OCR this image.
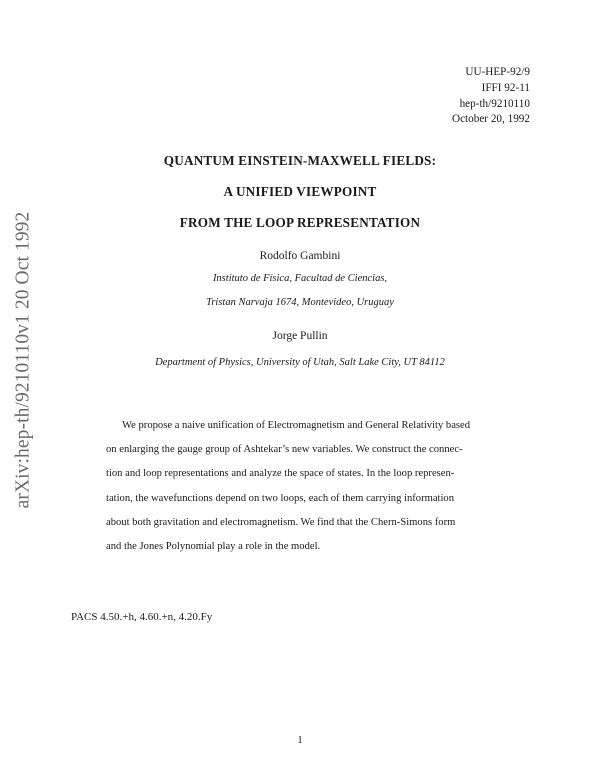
arXiv:hep-th/9210110v1 20 Oct 1992
UU-HEP-92/9
IFFI 92-11
hep-th/9210110
October 20, 1992
QUANTUM EINSTEIN-MAXWELL FIELDS:
A UNIFIED VIEWPOINT
FROM THE LOOP REPRESENTATION
Rodolfo Gambini
Instituto de Física, Facultad de Ciencias,
Tristan Narvaja 1674, Montevideo, Uruguay
Jorge Pullin
Department of Physics, University of Utah, Salt Lake City, UT 84112

We propose a naive unification of Electromagnetism and General Relativity based

on enlarging the gauge group of Ashtekar’s new variables. We construct the connec-

tion and loop representations and analyze the space of states. In the loop represen-

tation, the wavefunctions depend on two loops, each of them carrying information

about both gravitation and electromagnetism. We find that the Chern-Simons form

and the Jones Polynomial play a role in the model.

PACS 4.50.+h, 4.60.+n, 4.20.Fy
1
